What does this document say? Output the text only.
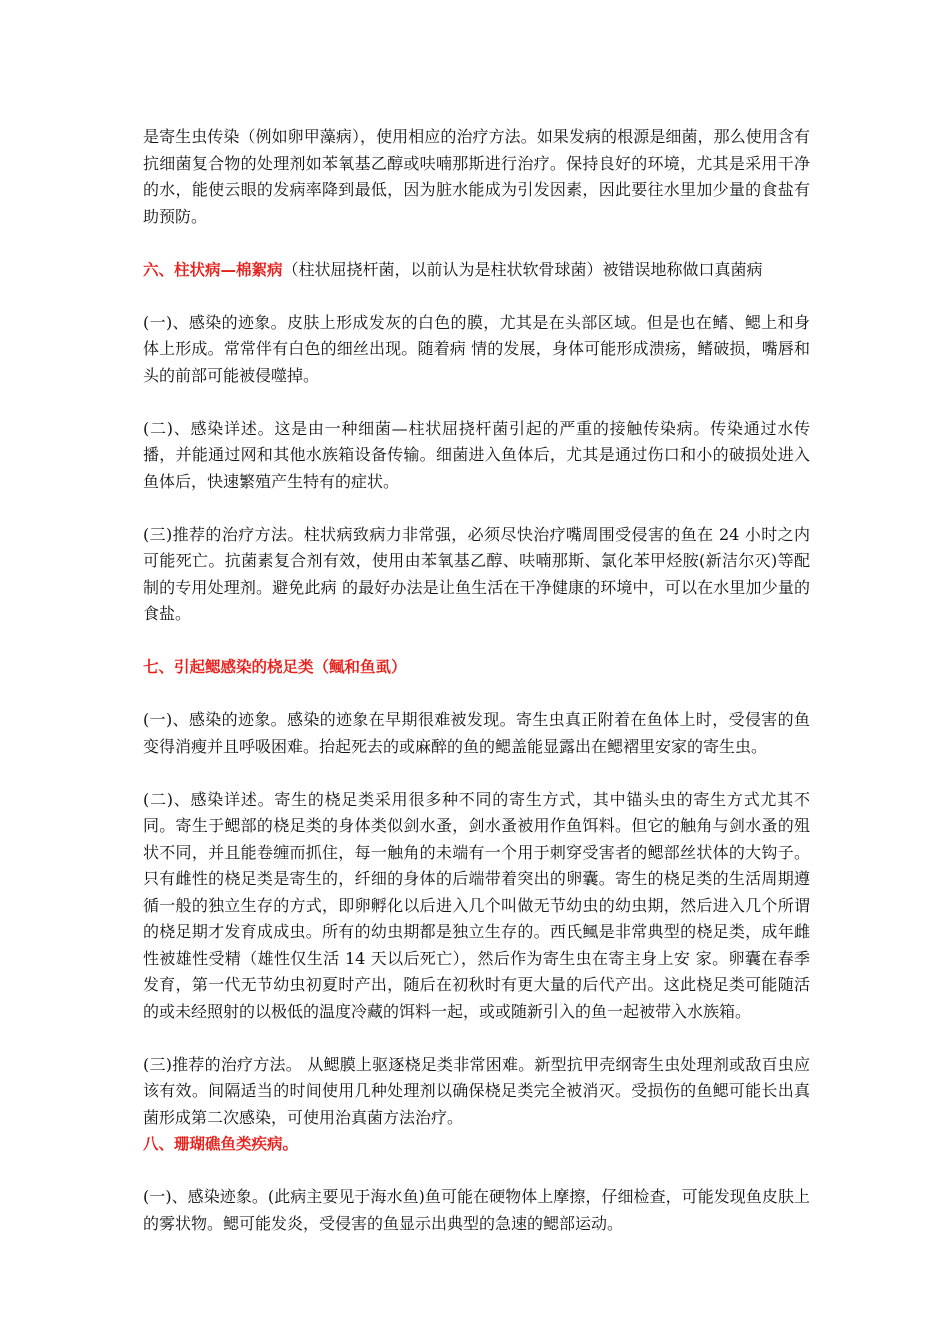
是寄生虫传染（例如卵甲藻病），使用相应的治疗方法。如果发病的根源是细菌，那么使用含有抗细菌复合物的处理剂如苯氧基乙醇或呋喃那斯进行治疗。保持良好的环境，尤其是采用干净的水，能使云眼的发病率降到最低，因为脏水能成为引发因素，因此要往水里加少量的食盐有助预防。

六、柱状病—棉絮病（柱状屈挠杆菌，以前认为是柱状软骨球菌）被错误地称做口真菌病

(一)、感染的迹象。皮肤上形成发灰的白色的膜，尤其是在头部区域。但是也在鳍、鳃上和身体上形成。常常伴有白色的细丝出现。随着病 情的发展，身体可能形成溃疡，鳍破损，嘴唇和头的前部可能被侵噬掉。

(二)、感染详述。这是由一种细菌—柱状屈挠杆菌引起的严重的接触传染病。传染通过水传播，并能通过网和其他水族箱设备传输。细菌进入鱼体后，尤其是通过伤口和小的破损处进入鱼体后，快速繁殖产生特有的症状。

(三)推荐的治疗方法。柱状病致病力非常强，必须尽快治疗嘴周围受侵害的鱼在 24 小时之内可能死亡。抗菌素复合剂有效，使用由苯氧基乙醇、呋喃那斯、氯化苯甲烃胺(新洁尔灭)等配制的专用处理剂。避免此病 的最好办法是让鱼生活在干净健康的环境中，可以在水里加少量的食盐。

七、引起鳃感染的桡足类（鲺和鱼虱）

(一)、感染的迹象。感染的迹象在早期很难被发现。寄生虫真正附着在鱼体上时，受侵害的鱼变得消瘦并且呼吸困难。抬起死去的或麻醉的鱼的鳃盖能显露出在鳃褶里安家的寄生虫。

(二)、感染详述。寄生的桡足类采用很多种不同的寄生方式，其中锚头虫的寄生方式尤其不同。寄生于鳃部的桡足类的身体类似剑水蚤，剑水蚤被用作鱼饵料。但它的触角与剑水蚤的殂状不同，并且能卷缠而抓住，每一触角的未端有一个用于刺穿受害者的鳃部丝状体的大钩子。只有雌性的桡足类是寄生的，纤细的身体的后端带着突出的卵囊。寄生的桡足类的生活周期遵循一般的独立生存的方式，即卵孵化以后进入几个叫做无节幼虫的幼虫期，然后进入几个所谓的桡足期才发育成成虫。所有的幼虫期都是独立生存的。西氏鲺是非常典型的桡足类，成年雌性被雄性受精（雄性仅生活 14 天以后死亡），然后作为寄生虫在寄主身上安 家。卵囊在春季发育，第一代无节幼虫初夏时产出，随后在初秋时有更大量的后代产出。这此桡足类可能随活的或未经照射的以极低的温度冷藏的饵料一起，或或随新引入的鱼一起被带入水族箱。

(三)推荐的治疗方法。 从鳃膜上驱逐桡足类非常困难。新型抗甲壳纲寄生虫处理剂或敌百虫应该有效。间隔适当的时间使用几种处理剂以确保桡足类完全被消灭。受损伤的鱼鳃可能长出真菌形成第二次感染，可使用治真菌方法治疗。

八、珊瑚礁鱼类疾病。

(一)、感染迹象。(此病主要见于海水鱼)鱼可能在硬物体上摩擦，仔细检查，可能发现鱼皮肤上的雾状物。鳃可能发炎，受侵害的鱼显示出典型的急速的鳃部运动。
